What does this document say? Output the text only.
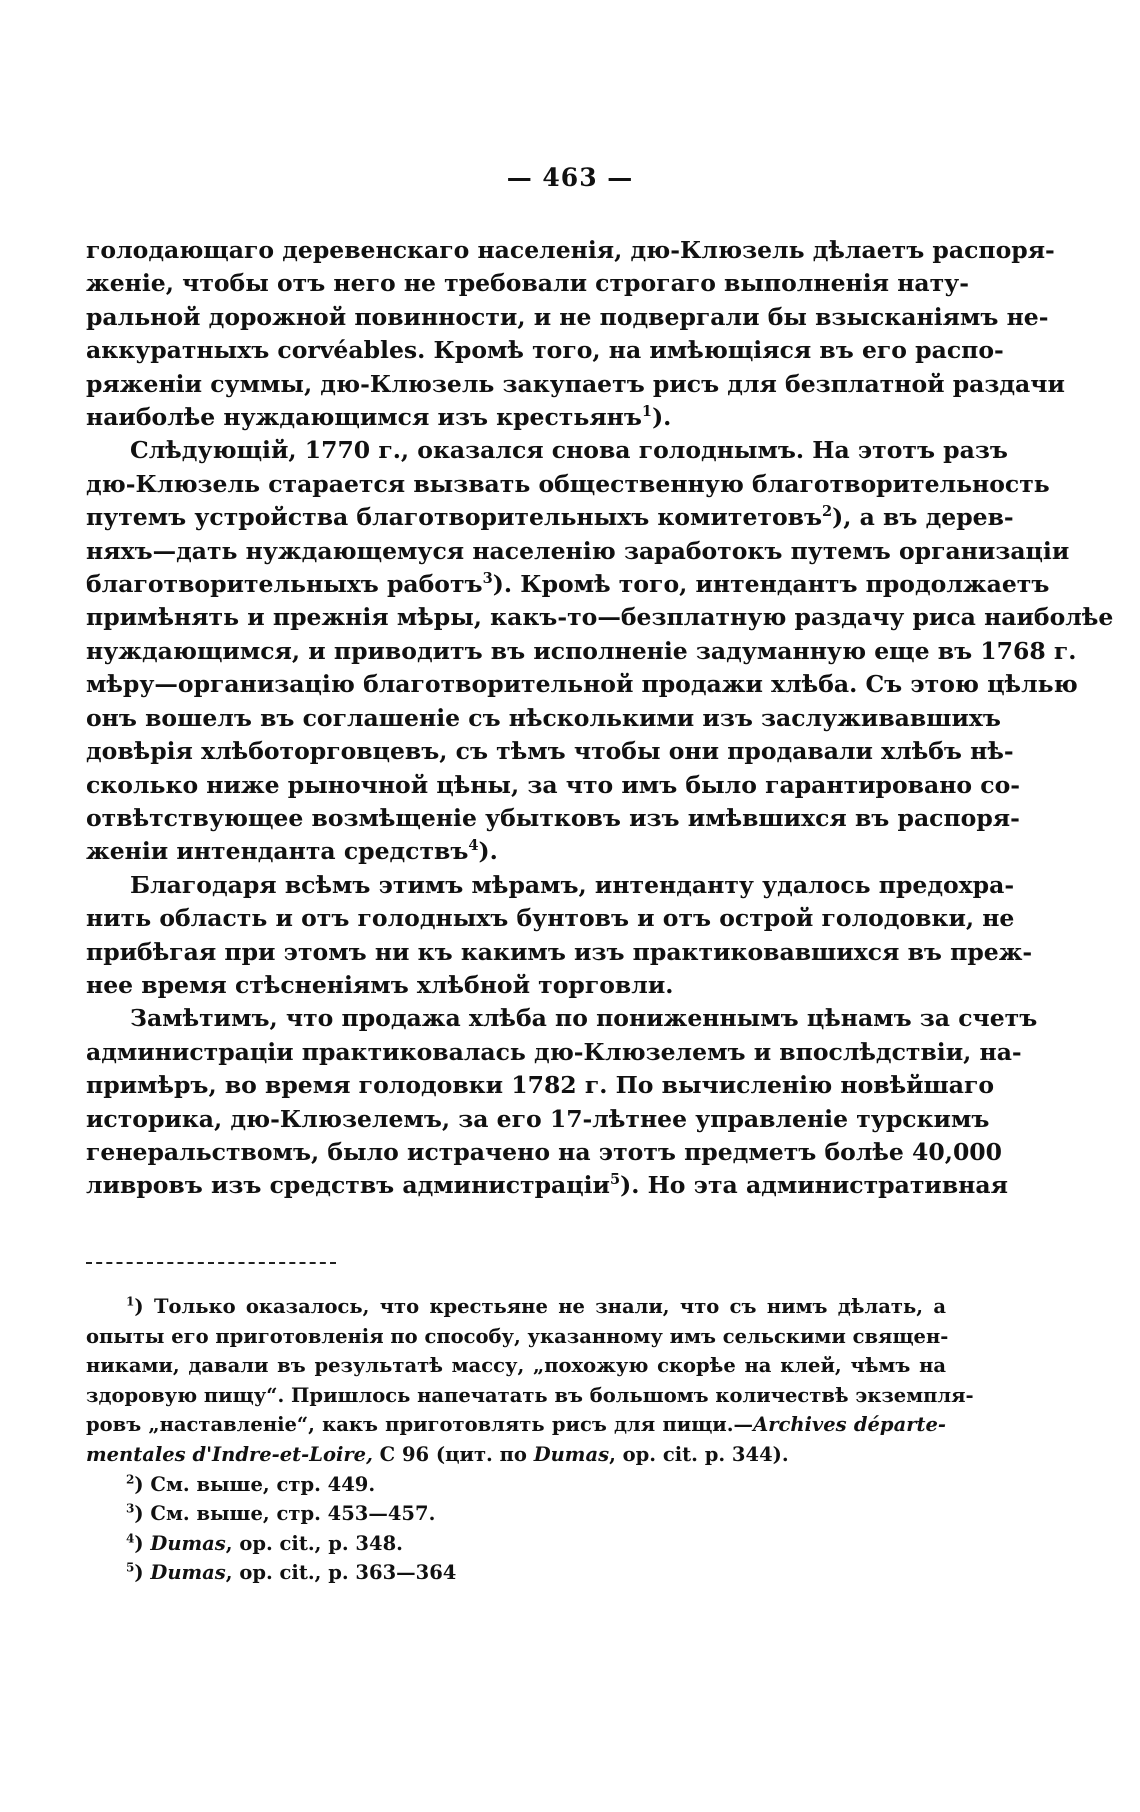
— 463 —
голодающаго деревенскаго населенія, дю-Клюзель дѣлаетъ распоря-
женіе, чтобы отъ него не требовали строгаго выполненія нату-
ральной дорожной повинности, и не подвергали бы взысканіямъ не-
аккуратныхъ corvéables. Кромѣ того, на имѣющіяся въ его распо-
ряженіи суммы, дю-Клюзель закупаетъ рисъ для безплатной раздачи
наиболѣе нуждающимся изъ крестьянъ$^1$).
Слѣдующій, 1770 г., оказался снова голоднымъ. На этотъ разъ
дю-Клюзель старается вызвать общественную благотворительность
путемъ устройства благотворительныхъ комитетовъ$^2$), а въ дерев-
няхъ—дать нуждающемуся населенію заработокъ путемъ организаціи
благотворительныхъ работъ$^3$). Кромѣ того, интендантъ продолжаетъ
примѣнять и прежнія мѣры, какъ-то—безплатную раздачу риса наиболѣе
нуждающимся, и приводитъ въ исполненіе задуманную еще въ 1768 г.
мѣру—организацію благотворительной продажи хлѣба. Съ этою цѣлью
онъ вошелъ въ соглашеніе съ нѣсколькими изъ заслуживавшихъ
довѣрія хлѣботорговцевъ, съ тѣмъ чтобы они продавали хлѣбъ нѣ-
сколько ниже рыночной цѣны, за что имъ было гарантировано со-
отвѣтствующее возмѣщеніе убытковъ изъ имѣвшихся въ распоря-
женіи интенданта средствъ$^4$).
Благодаря всѣмъ этимъ мѣрамъ, интенданту удалось предохра-
нить область и отъ голодныхъ бунтовъ и отъ острой голодовки, не
прибѣгая при этомъ ни къ какимъ изъ практиковавшихся въ преж-
нее время стѣсненіямъ хлѣбной торговли.
Замѣтимъ, что продажа хлѣба по пониженнымъ цѣнамъ за счетъ
администраціи практиковалась дю-Клюзелемъ и впослѣдствіи, на-
примѣръ, во время голодовки 1782 г. По вычисленію новѣйшаго
историка, дю-Клюзелемъ, за его 17-лѣтнее управленіе турскимъ
генеральствомъ, было истрачено на этотъ предметъ болѣе 40,000
ливровъ изъ средствъ администраціи$^5$). Но эта административная
$^1$) Только оказалось, что крестьяне не знали, что съ нимъ дѣлать, а
опыты его приготовленія по способу, указанному имъ сельскими священ-
никами, давали въ результатѣ массу, „похожую скорѣе на клей, чѣмъ на
здоровую пищу“. Пришлось напечатать въ большомъ количествѣ экземпля-
ровъ „наставленіе“, какъ приготовлять рисъ для пищи.—Archives départe-
mentales d'Indre-et-Loire, С 96 (цит. по Dumas, op. cit. p. 344).
$^2$) См. выше, стр. 449.
$^3$) См. выше, стр. 453—457.
$^4$) Dumas, op. cit., p. 348.
$^5$) Dumas, op. cit., p. 363—364
